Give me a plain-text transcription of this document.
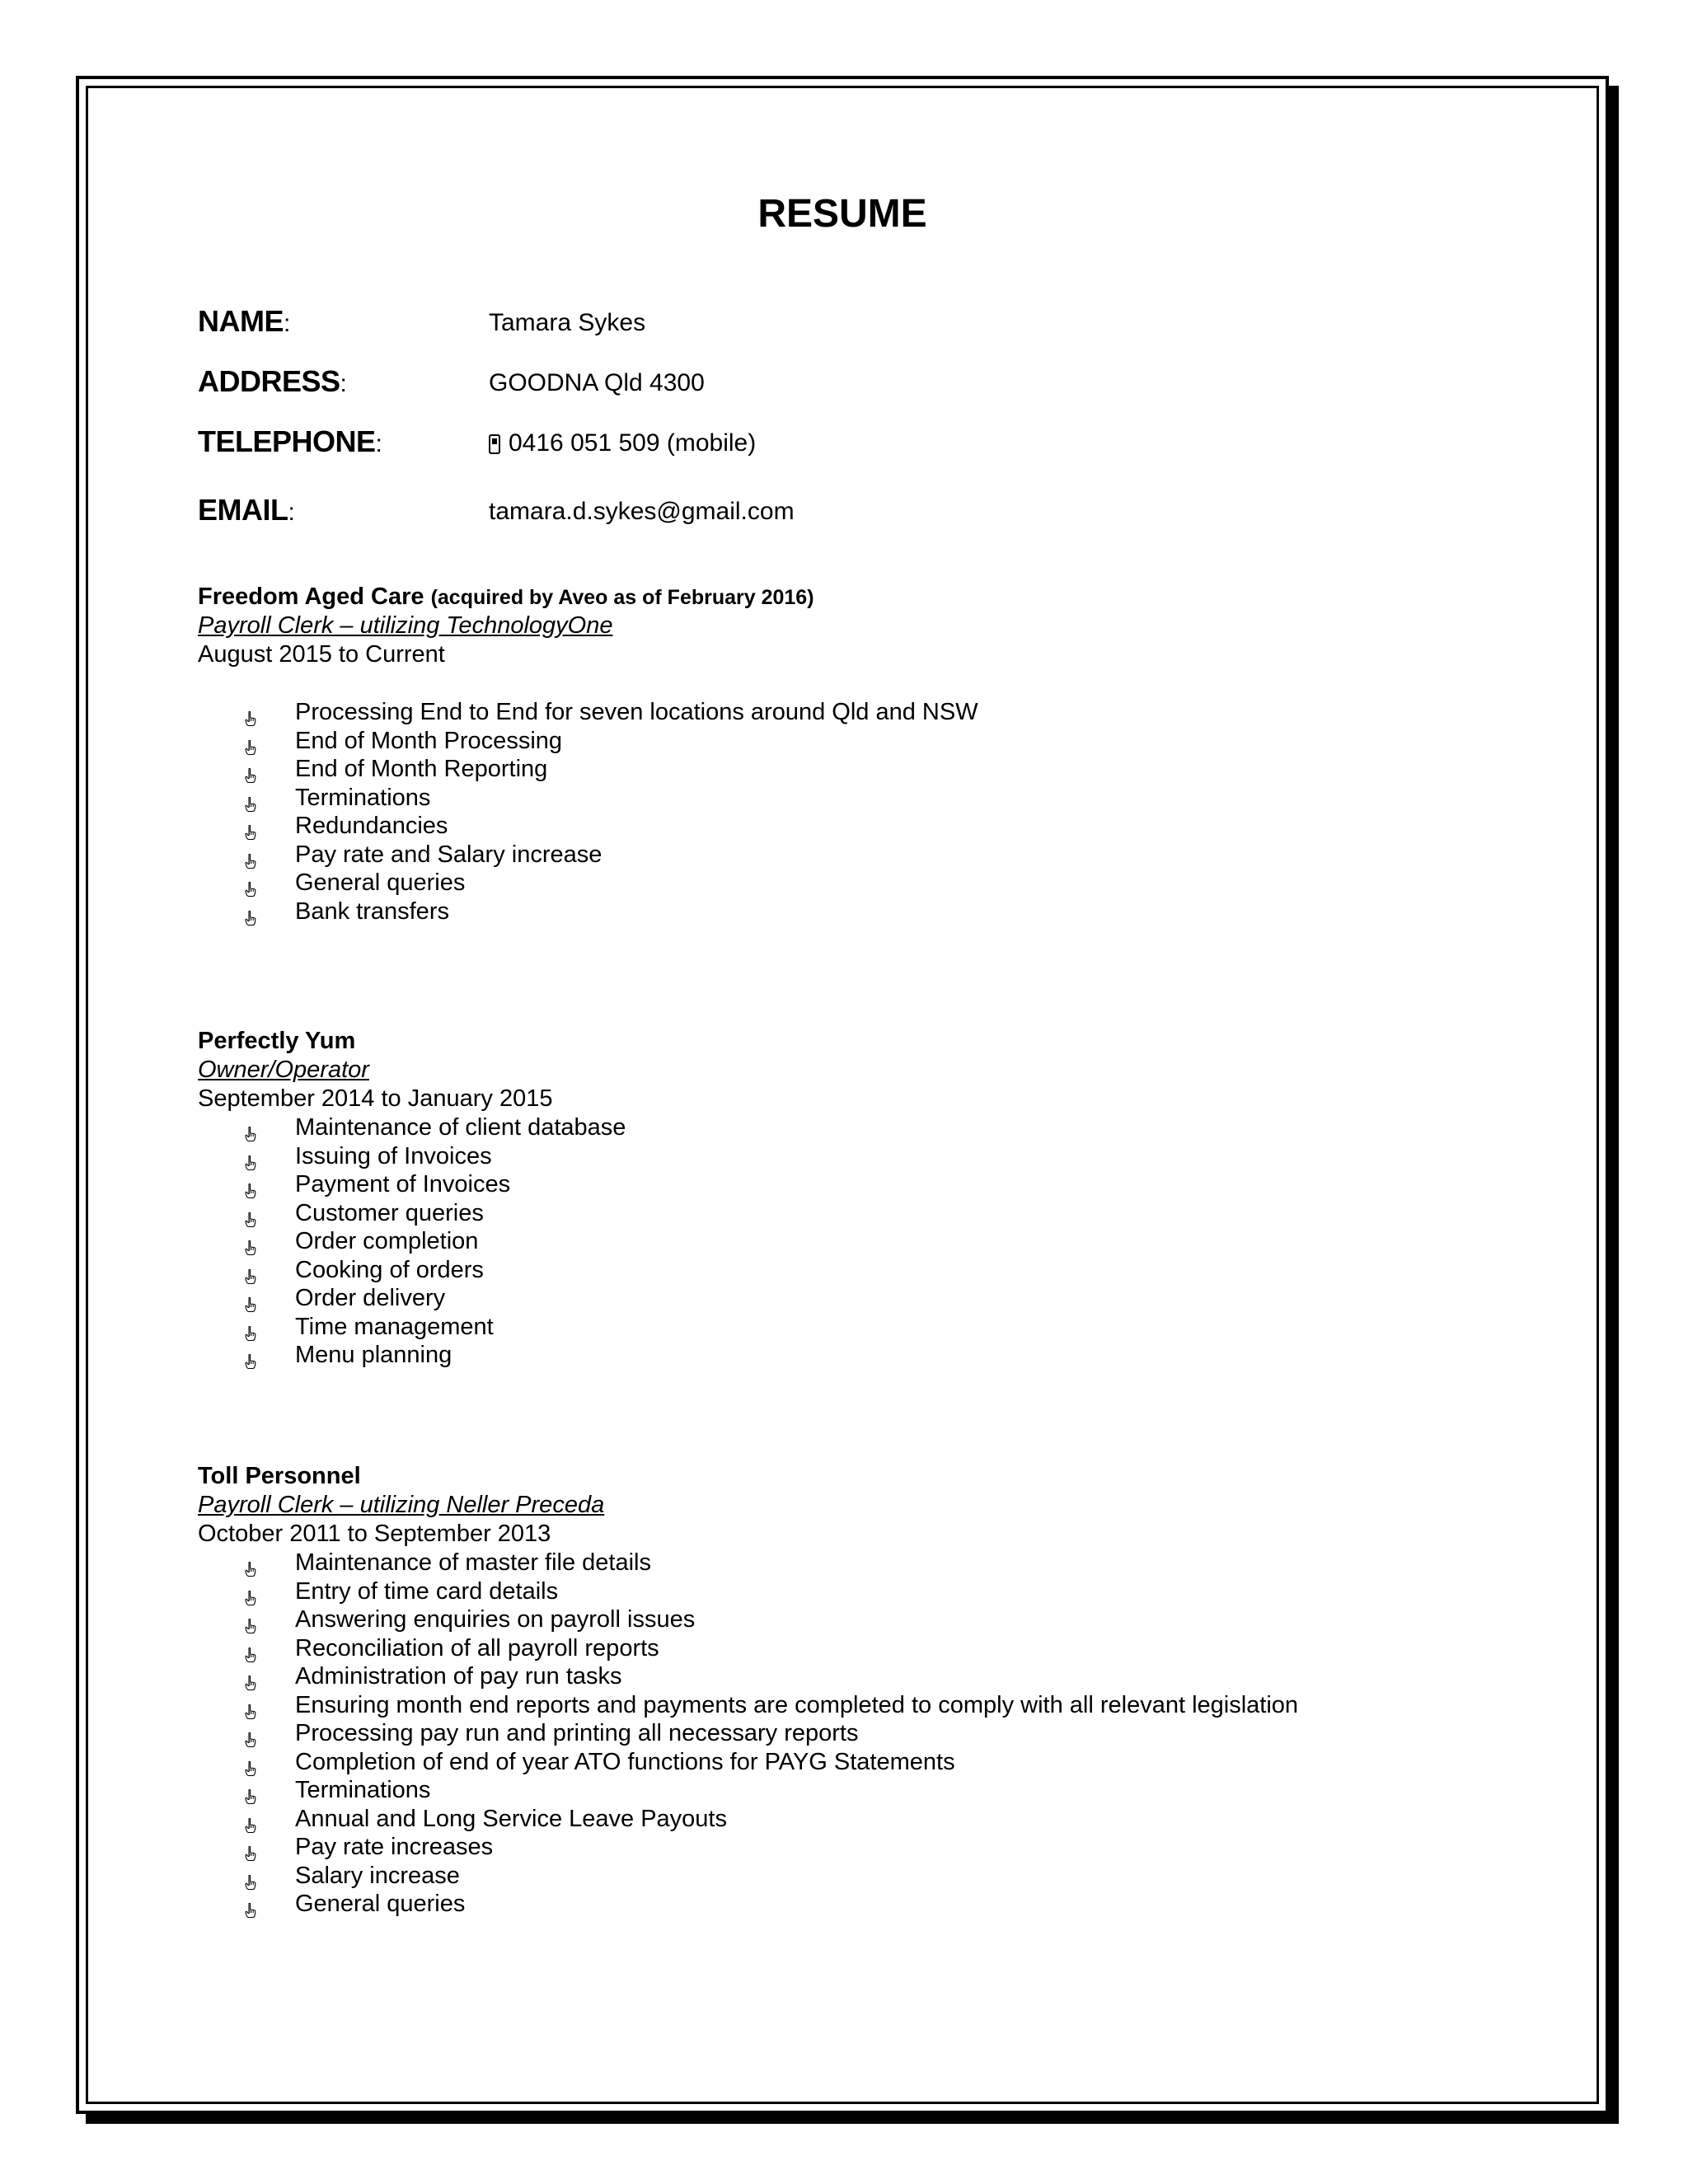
RESUME
NAME:	Tamara Sykes
ADDRESS:	GOODNA Qld 4300
TELEPHONE:	0416 051 509 (mobile)
EMAIL:	tamara.d.sykes@gmail.com
Freedom Aged Care (acquired by Aveo as of February 2016)
Payroll Clerk – utilizing TechnologyOne
August 2015 to Current
Processing End to End for seven locations around Qld and NSW
End of Month Processing
End of Month Reporting
Terminations
Redundancies
Pay rate and Salary increase
General queries
Bank transfers
Perfectly Yum
Owner/Operator
September 2014 to January 2015
Maintenance of client database
Issuing of Invoices
Payment of Invoices
Customer queries
Order completion
Cooking of orders
Order delivery
Time management
Menu planning
Toll Personnel
Payroll Clerk – utilizing Neller Preceda
October 2011 to September 2013
Maintenance of master file details
Entry of time card details
Answering enquiries on payroll issues
Reconciliation of all payroll reports
Administration of pay run tasks
Ensuring month end reports and payments are completed to comply with all relevant legislation
Processing pay run and printing all necessary reports
Completion of end of year ATO functions for PAYG Statements
Terminations
Annual and Long Service Leave Payouts
Pay rate increases
Salary increase
General queries
